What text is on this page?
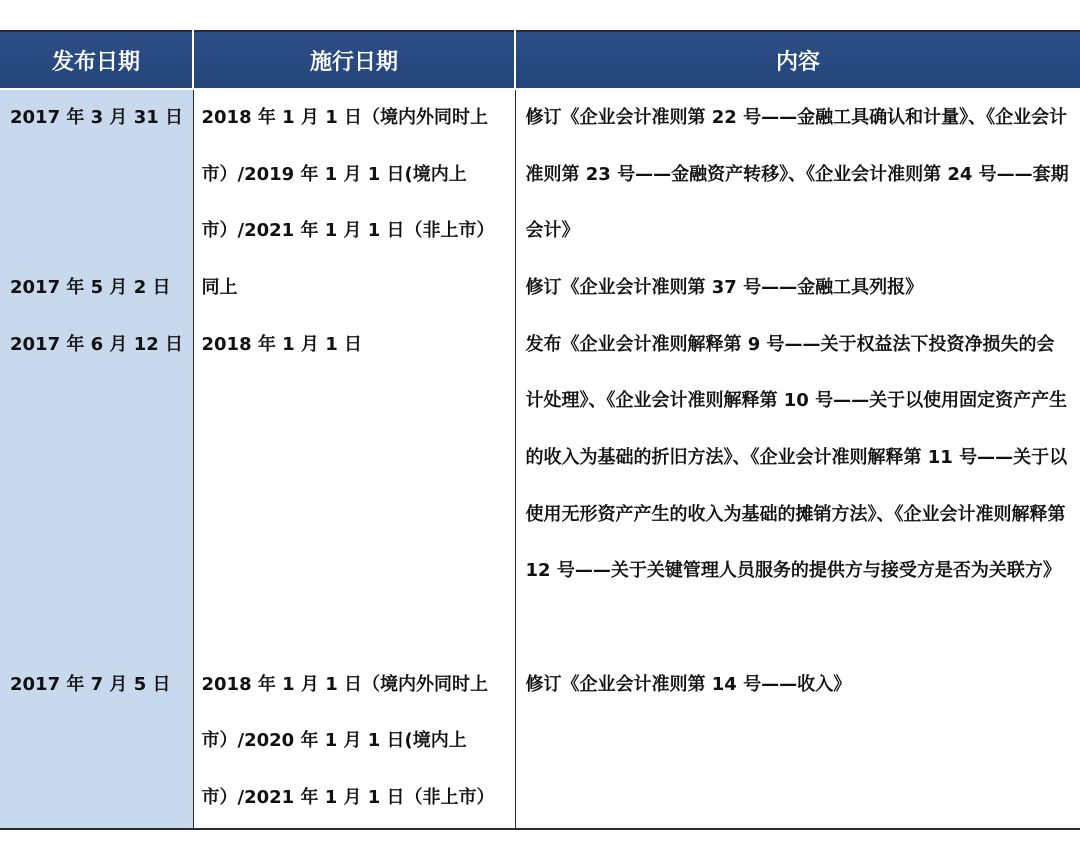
发布日期	施行日期	内容
2017 年 3 月 31 日	2018 年 1 月 1 日（境内外同时上市）/2019 年 1 月 1 日(境内上市）/2021 年 1 月 1 日（非上市）	修订《企业会计准则第 22 号——金融工具确认和计量》、《企业会计准则第 23 号——金融资产转移》、《企业会计准则第 24 号——套期会计》
2017 年 5 月 2 日	同上	修订《企业会计准则第 37 号——金融工具列报》
2017 年 6 月 12 日	2018 年 1 月 1 日	发布《企业会计准则解释第 9 号——关于权益法下投资净损失的会计处理》、《企业会计准则解释第 10 号——关于以使用固定资产产生的收入为基础的折旧方法》、《企业会计准则解释第 11 号——关于以使用无形资产产生的收入为基础的摊销方法》、《企业会计准则解释第 12 号——关于关键管理人员服务的提供方与接受方是否为关联方》
2017 年 7 月 5 日	2018 年 1 月 1 日（境内外同时上市）/2020 年 1 月 1 日(境内上市）/2021 年 1 月 1 日（非上市）	修订《企业会计准则第 14 号——收入》
